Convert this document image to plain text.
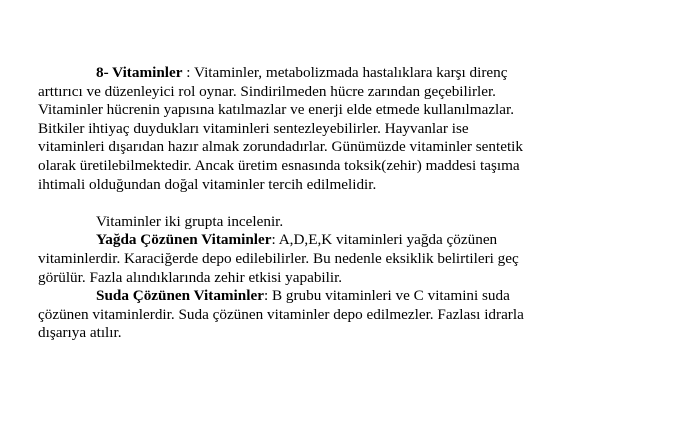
8- Vitaminler : Vitaminler, metabolizmada hastalıklara karşı direnç
arttırıcı ve düzenleyici rol oynar. Sindirilmeden hücre zarından geçebilirler.
Vitaminler hücrenin yapısına katılmazlar ve enerji elde etmede kullanılmazlar.
Bitkiler ihtiyaç duydukları vitaminleri sentezleyebilirler. Hayvanlar ise
vitaminleri dışarıdan hazır almak zorundadırlar. Günümüzde vitaminler sentetik
olarak üretilebilmektedir. Ancak üretim esnasında toksik(zehir) maddesi taşıma
ihtimali olduğundan doğal vitaminler tercih edilmelidir.
Vitaminler iki grupta incelenir.
Yağda Çözünen Vitaminler: A,D,E,K vitaminleri yağda çözünen
vitaminlerdir. Karaciğerde depo edilebilirler. Bu nedenle eksiklik belirtileri geç
görülür. Fazla alındıklarında zehir etkisi yapabilir.
Suda Çözünen Vitaminler: B grubu vitaminleri ve C vitamini suda
çözünen vitaminlerdir. Suda çözünen vitaminler depo edilmezler. Fazlası idrarla
dışarıya atılır.
